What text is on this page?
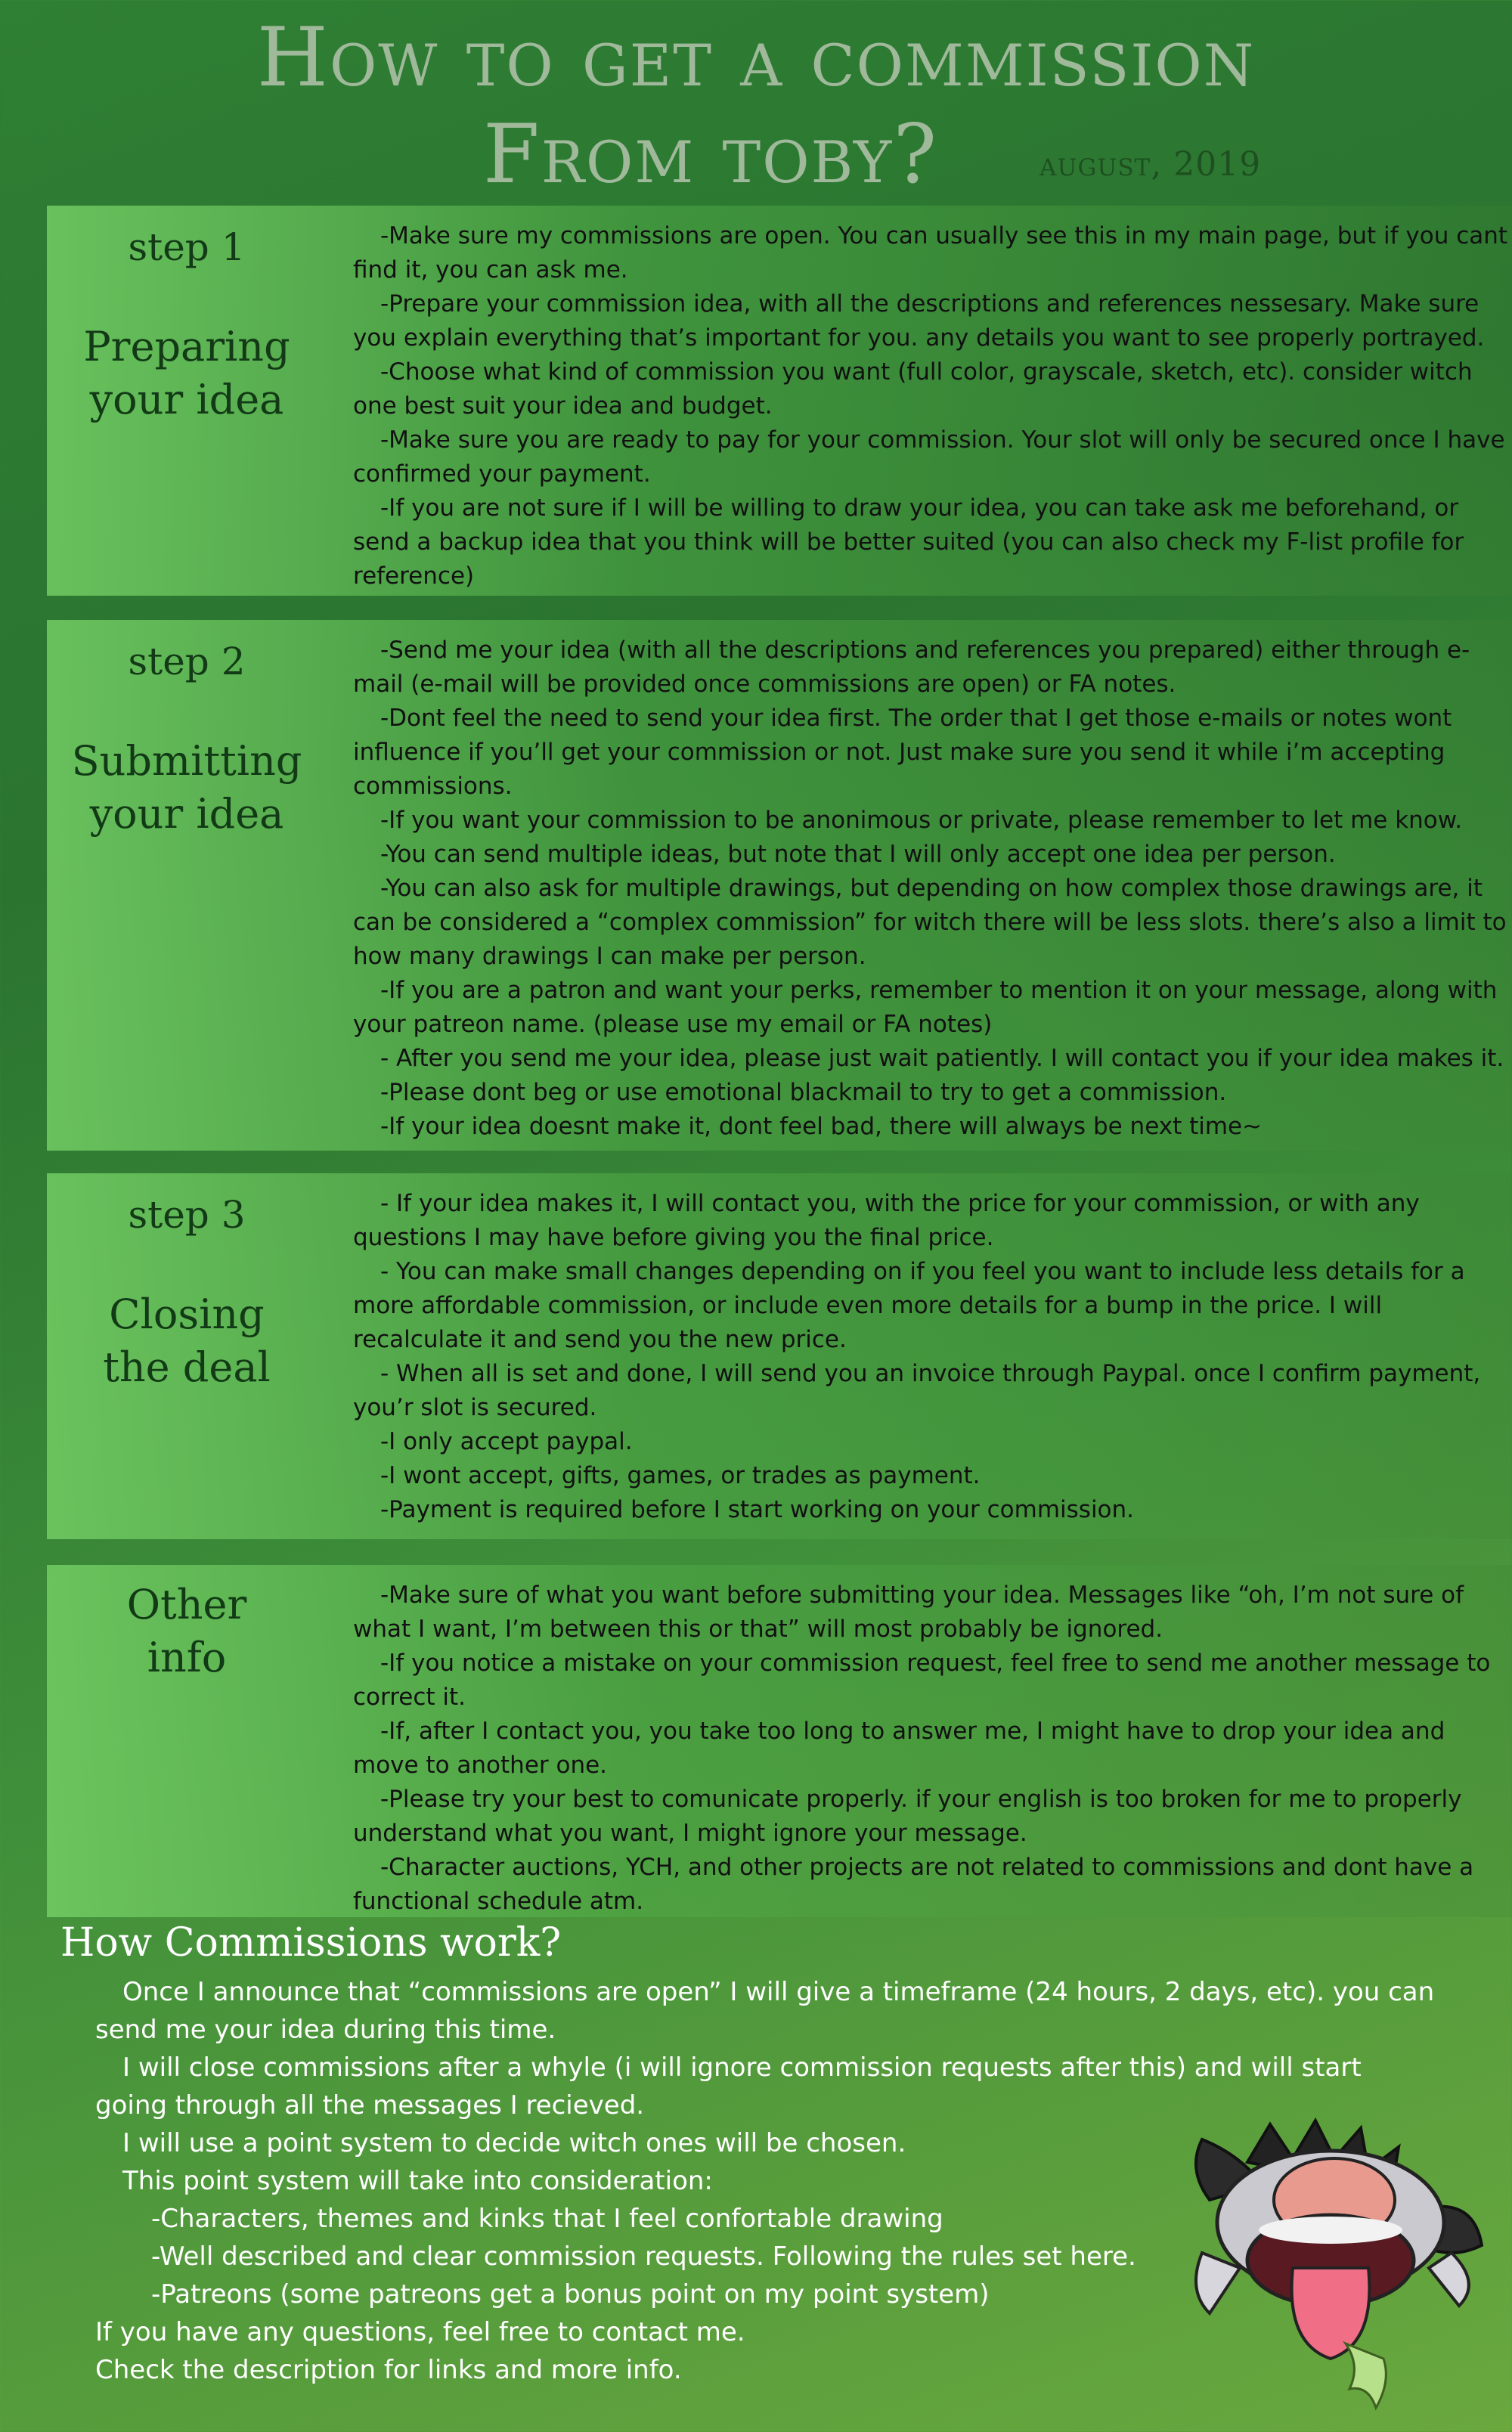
How to get a commission
From toby?	august, 2019
step 1
Preparing
your idea

-Make sure my commissions are open. You can usually see this in my main page, but if you cant find it, you can ask me.

-Prepare your commission idea, with all the descriptions and references nessesary. Make sure you explain everything that’s important for you. any details you want to see properly portrayed.

-Choose what kind of commission you want (full color, grayscale, sketch, etc). consider witch one best suit your idea and budget.

-Make sure you are ready to pay for your commission. Your slot will only be secured once I have confirmed your payment.

-If you are not sure if I will be willing to draw your idea, you can take ask me beforehand, or send a backup idea that you think will be better suited (you can also check my F-list profile for reference)

step 2
Submitting
your idea

-Send me your idea (with all the descriptions and references you prepared) either through e-mail (e-mail will be provided once commissions are open) or FA notes.

-Dont feel the need to send your idea first. The order that I get those e-mails or notes wont influence if you’ll get your commission or not. Just make sure you send it while i’m accepting commissions.

-If you want your commission to be anonimous or private, please remember to let me know.

-You can send multiple ideas, but note that I will only accept one idea per person.

-You can also ask for multiple drawings, but depending on how complex those drawings are, it can be considered a “complex commission” for witch there will be less slots. there’s also a limit to how many drawings I can make per person.

-If you are a patron and want your perks, remember to mention it on your message, along with your patreon name. (please use my email or FA notes)

- After you send me your idea, please just wait patiently. I will contact you if your idea makes it.

-Please dont beg or use emotional blackmail to try to get a commission.

-If your idea doesnt make it, dont feel bad, there will always be next time~

step 3
Closing
the deal

- If your idea makes it, I will contact you, with the price for your commission, or with any questions I may have before giving you the final price.

- You can make small changes depending on if you feel you want to include less details for a more affordable commission, or include even more details for a bump in the price. I will recalculate it and send you the new price.

- When all is set and done, I will send you an invoice through Paypal. once I confirm payment, you’r slot is secured.

-I only accept paypal.

-I wont accept, gifts, games, or trades as payment.

-Payment is required before I start working on your commission.

Other
info

-Make sure of what you want before submitting your idea. Messages like “oh, I’m not sure of what I want, I’m between this or that” will most probably be ignored.

-If you notice a mistake on your commission request, feel free to send me another message to correct it.

-If, after I contact you, you take too long to answer me, I might have to drop your idea and move to another one.

-Please try your best to comunicate properly. if your english is too broken for me to properly understand what you want, I might ignore your message.

-Character auctions, YCH, and other projects are not related to commissions and dont have a functional schedule atm.

How Commissions work?

Once I announce that “commissions are open” I will give a timeframe (24 hours, 2 days, etc). you can send me your idea during this time.

I will close commissions after a whyle (i will ignore commission requests after this) and will start going through all the messages I recieved.

I will use a point system to decide witch ones will be chosen.

This point system will take into consideration:

-Characters, themes and kinks that I feel confortable drawing

-Well described and clear commission requests. Following the rules set here.

-Patreons (some patreons get a bonus point on my point system)

If you have any questions, feel free to contact me.

Check the description for links and more info.
